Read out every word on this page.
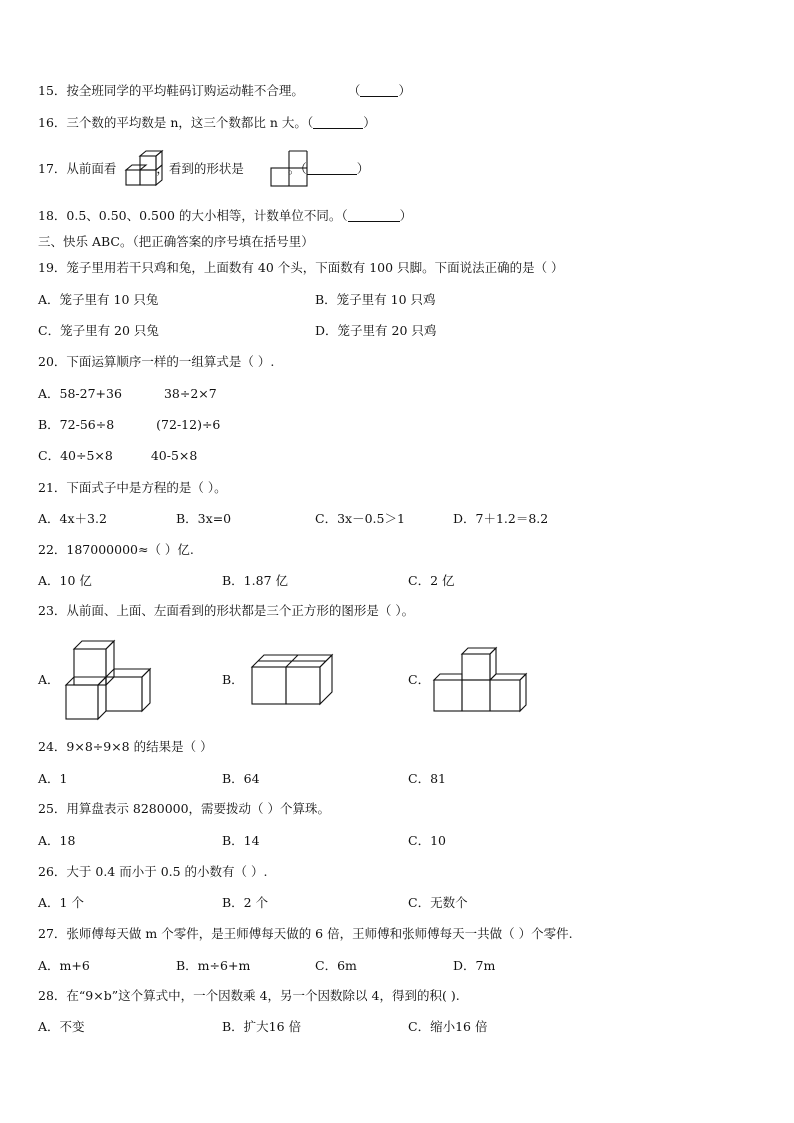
15．按全班同学的平均鞋码订购运动鞋不合理。	（	）
16．三个数的平均数是 n，这三个数都比 n 大。（	）
17．从前面看	，看到的形状是	。（	）
18．0.5、0.50、0.500 的大小相等，计数单位不同。（	）
三、快乐 ABC。（把正确答案的序号填在括号里）
19．笼子里用若干只鸡和兔，上面数有 40 个头，下面数有 100 只脚。下面说法正确的是（ ）
A．笼子里有 10 只兔	B．笼子里有 10 只鸡
C．笼子里有 20 只兔	D．笼子里有 20 只鸡
20．下面运算顺序一样的一组算式是（ ）.
A．58-27+36	38÷2×7
B．72-56÷8	(72-12)÷6
C．40÷5×8	40-5×8
21．下面式子中是方程的是（ ）。
A．4x＋3.2	B．3x=0	C．3x－0.5＞1	D．7＋1.2＝8.2
22．187000000≈（ ）亿.
A．10 亿	B．1.87 亿	C．2 亿
23．从前面、上面、左面看到的形状都是三个正方形的图形是（ ）。
A．	B．	C．
24．9×8÷9×8 的结果是（ ）
A．1	B．64	C．81
25．用算盘表示 8280000，需要拨动（ ）个算珠。
A．18	B．14	C．10
26．大于 0.4 而小于 0.5 的小数有（ ）.
A．1 个	B．2 个	C．无数个
27．张师傅每天做 m 个零件，是王师傅每天做的 6 倍，王师傅和张师傅每天一共做（ ）个零件.
A．m+6	B．m÷6+m	C．6m	D．7m
28．在“9×b”这个算式中，一个因数乘 4，另一个因数除以 4，得到的积( ).
A．不变	B．扩大16 倍	C．缩小16 倍
